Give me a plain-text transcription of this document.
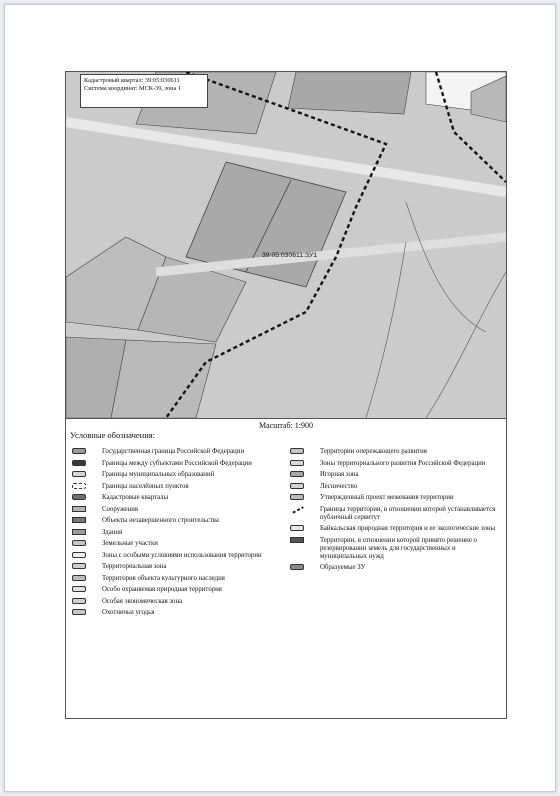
39:05:030611:ЗУ1
Кадастровый квартал: 39:05:030611
Система координат: МСК-39, зона 1
Масштаб: 1:900
Условные обозначения:
Государственная граница Российской Федерации
Границы между субъектами Российской Федерации
Границы муниципальных образований
Границы населённых пунктов
Кадастровые кварталы
Сооружения
Объекты незавершенного строительства
Здания
Земельные участки
Зоны с особыми условиями использования территории
Территориальная зона
Территория объекта культурного наследия
Особо охраняемая природная территория
Особая экономическая зона
Охотничьи угодья
Территории опережающего развития
Зоны территориального развития Российской Федерации
Игорная зона
Лесничество
Утвержденный проект межевания территории
Границы территории, в отношении которой устанавливается публичный сервитут
Байкальская природная территория и ее экологические зоны
Территории, в отношении которой принято решение о резервировании земель для государственных и муниципальных нужд
Образуемые ЗУ
